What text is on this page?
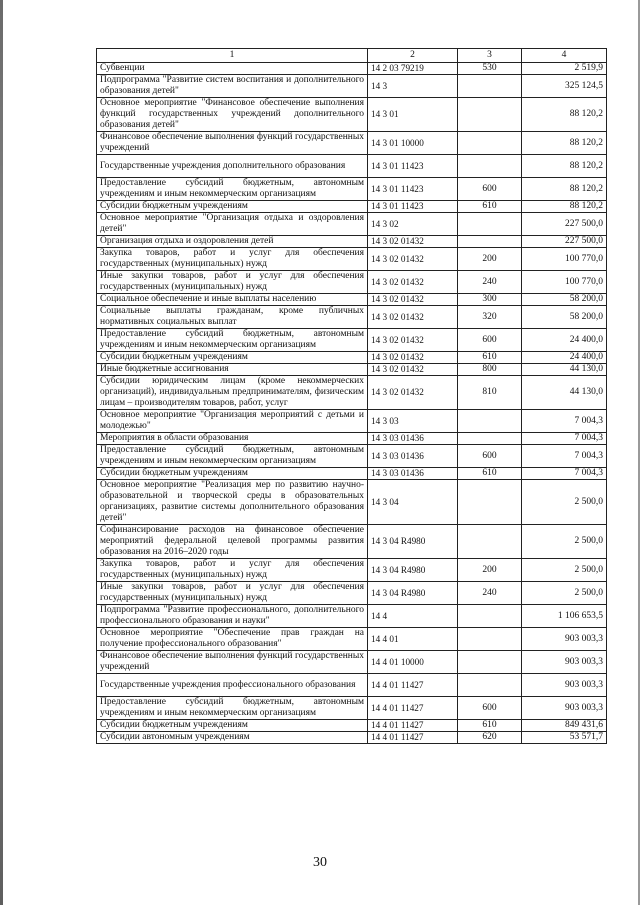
1	2	3	4
Субвенции	14 2 03 79219	530	2 519,9
Подпрограмма "Развитие систем воспитания и дополнительного образования детей"	14 3		325 124,5
Основное мероприятие "Финансовое обеспечение выполнения функций государственных учреждений дополнительного образования детей"	14 3 01		88 120,2
Финансовое обеспечение выполнения функций государственных учреждений	14 3 01 10000		88 120,2
Государственные учреждения дополнительного образования	14 3 01 11423		88 120,2
Предоставление субсидий бюджетным, автономным учреждениям и иным некоммерческим организациям	14 3 01 11423	600	88 120,2
Субсидии бюджетным учреждениям	14 3 01 11423	610	88 120,2
Основное мероприятие "Организация отдыха и оздоровления детей"	14 3 02		227 500,0
Организация отдыха и оздоровления детей	14 3 02 01432		227 500,0
Закупка товаров, работ и услуг для обеспечения государственных (муниципальных) нужд	14 3 02 01432	200	100 770,0
Иные закупки товаров, работ и услуг для обеспечения государственных (муниципальных) нужд	14 3 02 01432	240	100 770,0
Социальное обеспечение и иные выплаты населению	14 3 02 01432	300	58 200,0
Социальные выплаты гражданам, кроме публичных нормативных социальных выплат	14 3 02 01432	320	58 200,0
Предоставление субсидий бюджетным, автономным учреждениям и иным некоммерческим организациям	14 3 02 01432	600	24 400,0
Субсидии бюджетным учреждениям	14 3 02 01432	610	24 400,0
Иные бюджетные ассигнования	14 3 02 01432	800	44 130,0
Субсидии юридическим лицам (кроме некоммерческих организаций), индивидуальным предпринимателям, физическим лицам – производителям товаров, работ, услуг	14 3 02 01432	810	44 130,0
Основное мероприятие "Организация мероприятий с детьми и молодежью"	14 3 03		7 004,3
Мероприятия в области образования	14 3 03 01436		7 004,3
Предоставление субсидий бюджетным, автономным учреждениям и иным некоммерческим организациям	14 3 03 01436	600	7 004,3
Субсидии бюджетным учреждениям	14 3 03 01436	610	7 004,3
Основное мероприятие "Реализация мер по развитию научно-образовательной и творческой среды в образовательных организациях, развитие системы дополнительного образования детей"	14 3 04		2 500,0
Софинансирование расходов на финансовое обеспечение мероприятий федеральной целевой программы развития образования на 2016–2020 годы	14 3 04 R4980		2 500,0
Закупка товаров, работ и услуг для обеспечения государственных (муниципальных) нужд	14 3 04 R4980	200	2 500,0
Иные закупки товаров, работ и услуг для обеспечения государственных (муниципальных) нужд	14 3 04 R4980	240	2 500,0
Подпрограмма "Развитие профессионального, дополнительного профессионального образования и науки"	14 4		1 106 653,5
Основное мероприятие "Обеспечение прав граждан на получение профессионального образования"	14 4 01		903 003,3
Финансовое обеспечение выполнения функций государственных учреждений	14 4 01 10000		903 003,3
Государственные учреждения профессионального образования	14 4 01 11427		903 003,3
Предоставление субсидий бюджетным, автономным учреждениям и иным некоммерческим организациям	14 4 01 11427	600	903 003,3
Субсидии бюджетным учреждениям	14 4 01 11427	610	849 431,6
Субсидии автономным учреждениям	14 4 01 11427	620	53 571,7
30
